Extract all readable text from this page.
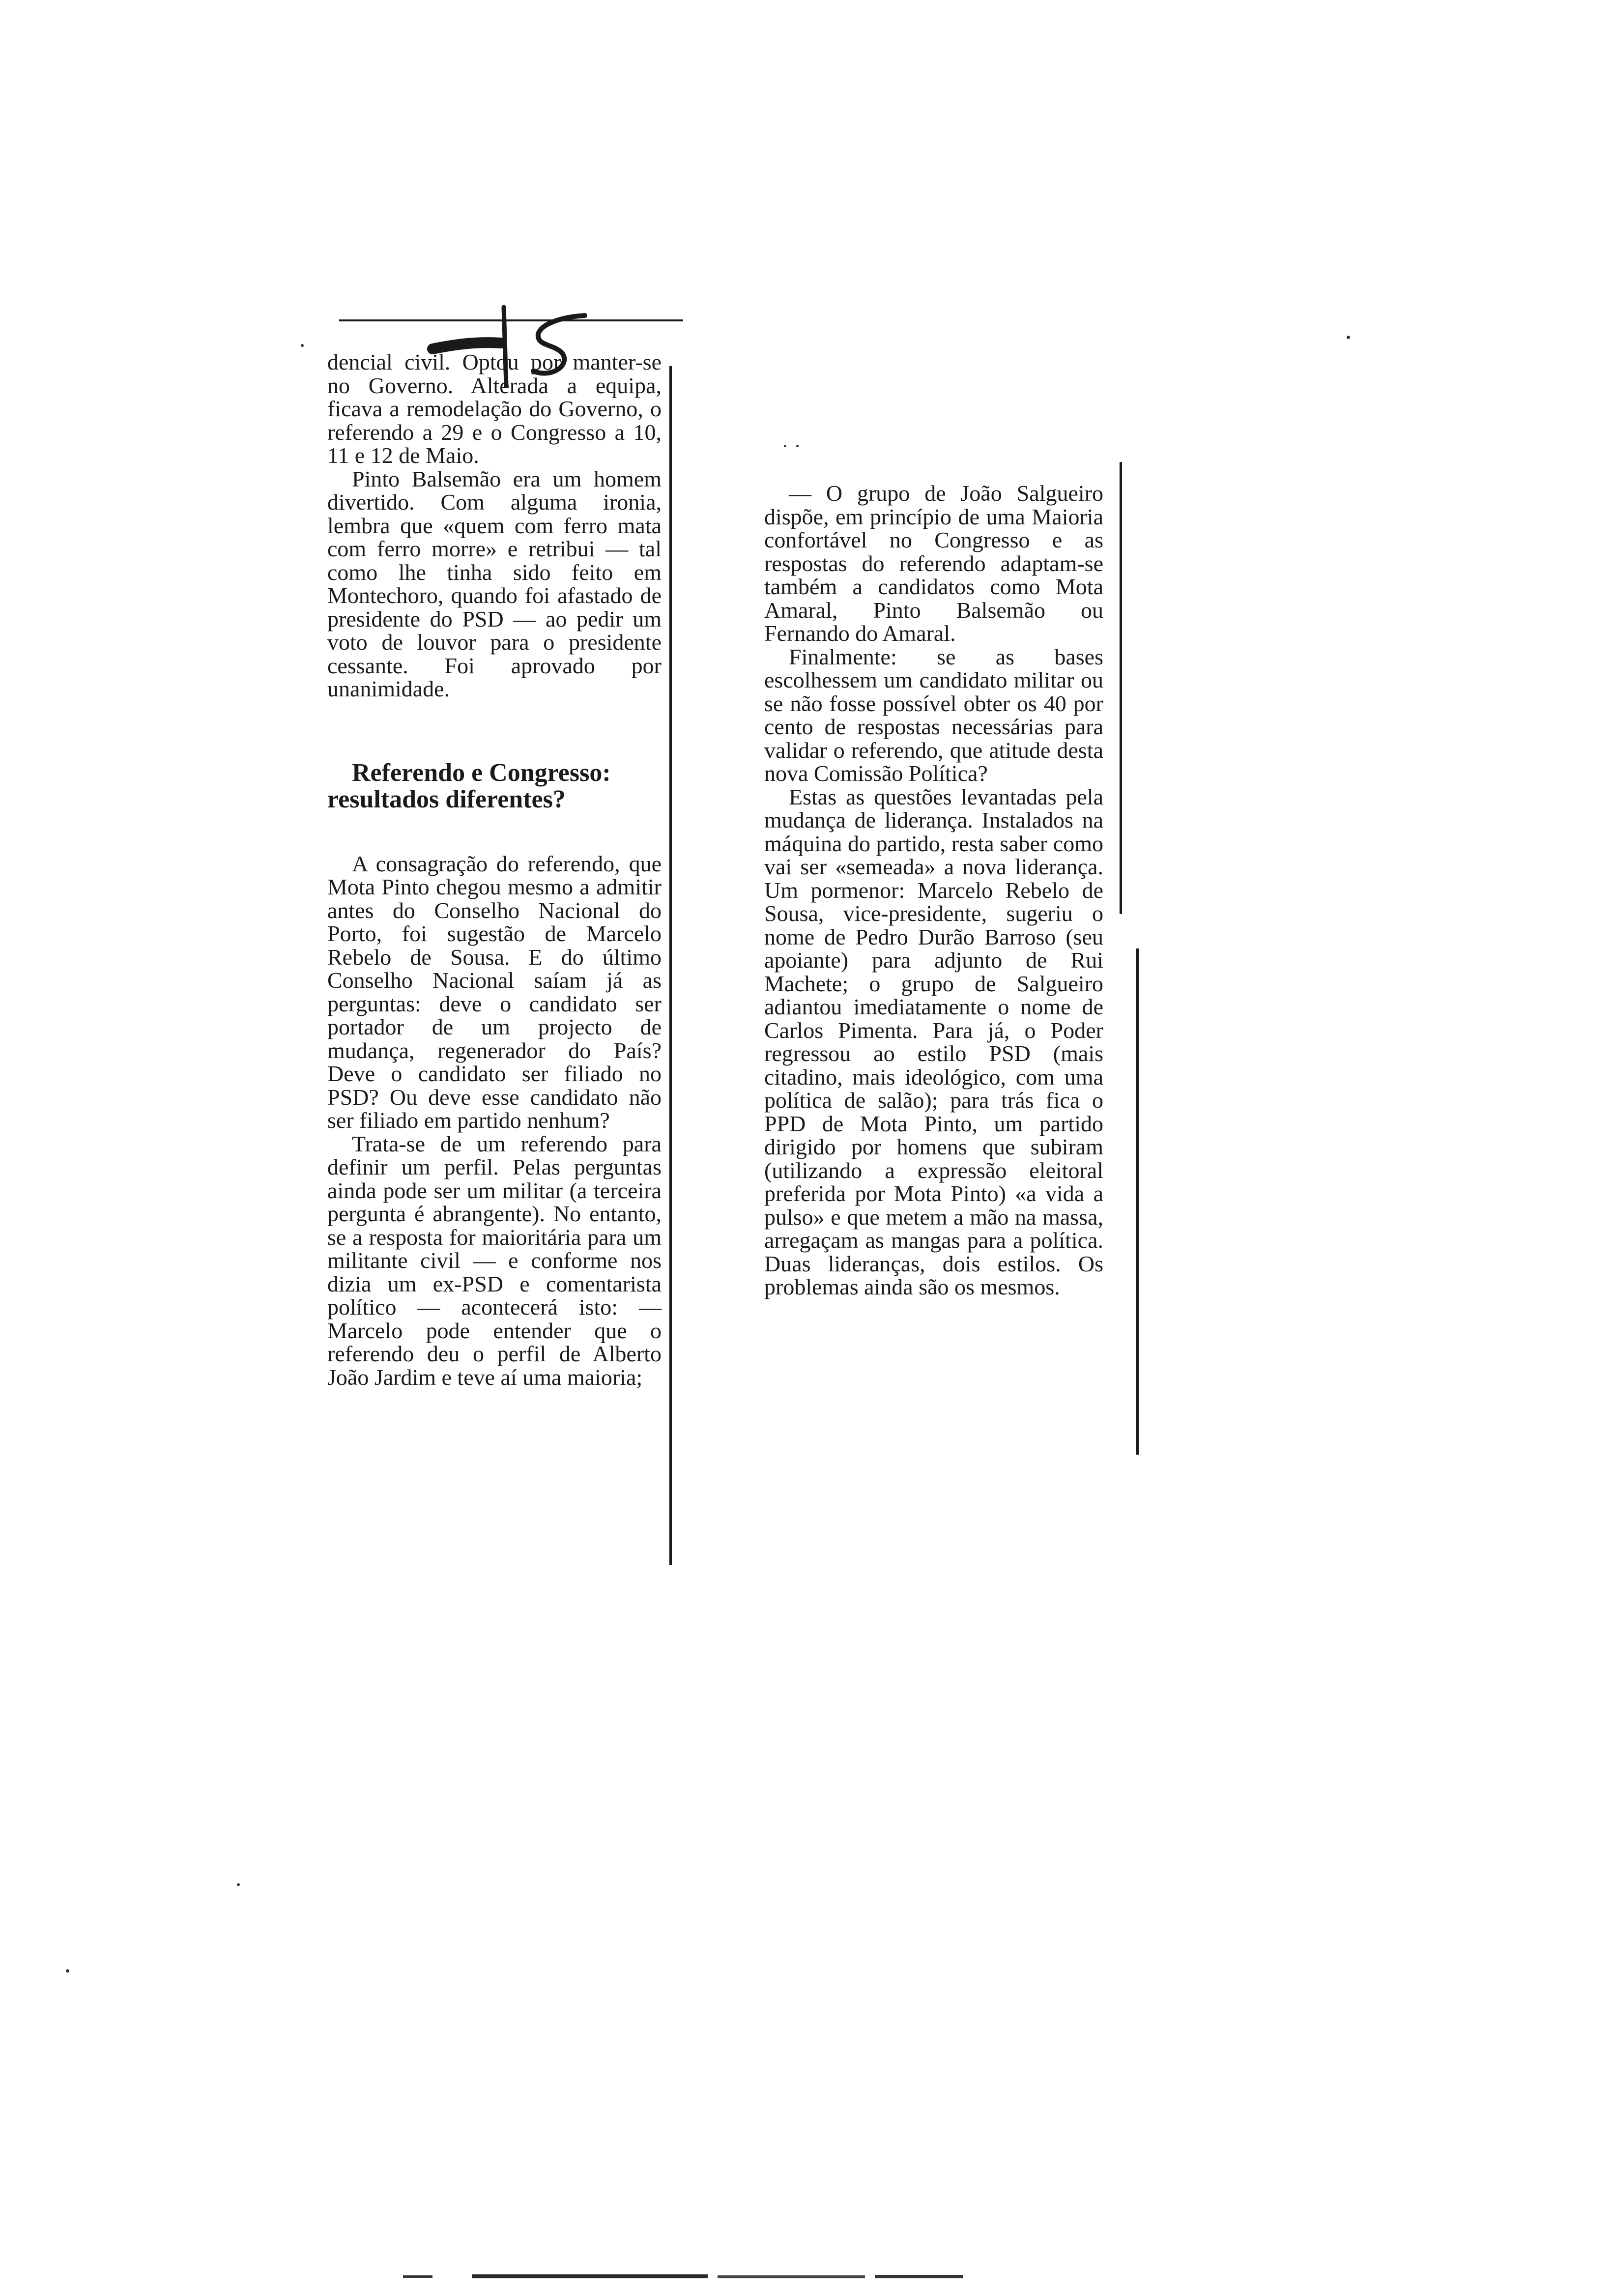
dencial civil. Optou por manter-se no Governo. Alterada a equipa, ficava a remodelação do Governo, o referendo a 29 e o Congresso a 10, 11 e 12 de Maio.

Pinto Balsemão era um homem divertido. Com alguma ironia, lembra que «quem com ferro mata com ferro morre» e retribui — tal como lhe tinha sido feito em Montechoro, quando foi afastado de presidente do PSD — ao pedir um voto de louvor para o presidente cessante. Foi aprovado por unanimidade.

Referendo e Congresso: resultados diferentes?

A consagração do referendo, que Mota Pinto chegou mesmo a admitir antes do Conselho Nacional do Porto, foi sugestão de Marcelo Rebelo de Sousa. E do último Conselho Nacional saíam já as perguntas: deve o candidato ser portador de um projecto de mudança, regenerador do País? Deve o candidato ser filiado no PSD? Ou deve esse candidato não ser filiado em partido nenhum?

Trata-se de um referendo para definir um perfil. Pelas perguntas ainda pode ser um militar (a terceira pergunta é abrangente). No entanto, se a resposta for maioritária para um militante civil — e conforme nos dizia um ex-PSD e comentarista político — acontecerá isto: — Marcelo pode entender que o referendo deu o perfil de Alberto João Jardim e teve aí uma maioria;

— O grupo de João Salgueiro dispõe, em princípio de uma Maioria confortável no Congresso e as respostas do referendo adaptam-se também a candidatos como Mota Amaral, Pinto Balsemão ou Fernando do Amaral.

Finalmente: se as bases escolhessem um candidato militar ou se não fosse possível obter os 40 por cento de respostas necessárias para validar o referendo, que atitude desta nova Comissão Política?

Estas as questões levantadas pela mudança de liderança. Instalados na máquina do partido, resta saber como vai ser «semeada» a nova liderança. Um pormenor: Marcelo Rebelo de Sousa, vice-presidente, sugeriu o nome de Pedro Durão Barroso (seu apoiante) para adjunto de Rui Machete; o grupo de Salgueiro adiantou imediatamente o nome de Carlos Pimenta. Para já, o Poder regressou ao estilo PSD (mais citadino, mais ideológico, com uma política de salão); para trás fica o PPD de Mota Pinto, um partido dirigido por homens que subiram (utilizando a expressão eleitoral preferida por Mota Pinto) «a vida a pulso» e que metem a mão na massa, arregaçam as mangas para a política. Duas lideranças, dois estilos. Os problemas ainda são os mesmos.
